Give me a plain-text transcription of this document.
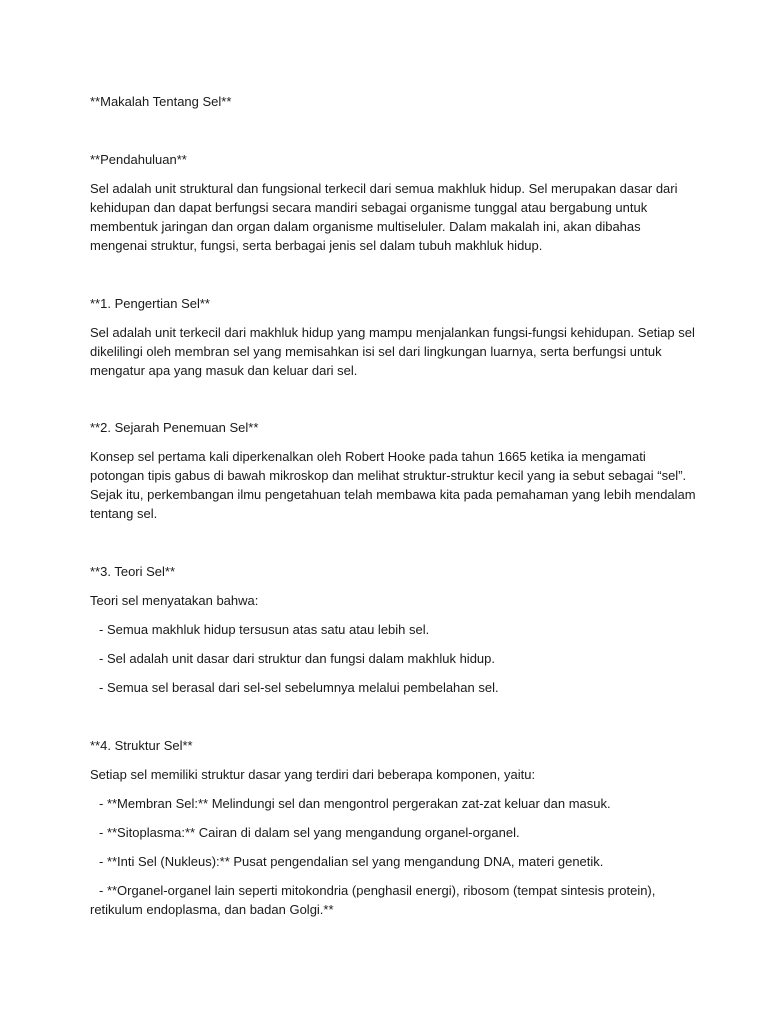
**Makalah Tentang Sel**

**Pendahuluan**

Sel adalah unit struktural dan fungsional terkecil dari semua makhluk hidup. Sel merupakan dasar dari kehidupan dan dapat berfungsi secara mandiri sebagai organisme tunggal atau bergabung untuk membentuk jaringan dan organ dalam organisme multiseluler. Dalam makalah ini, akan dibahas mengenai struktur, fungsi, serta berbagai jenis sel dalam tubuh makhluk hidup.

**1. Pengertian Sel**

Sel adalah unit terkecil dari makhluk hidup yang mampu menjalankan fungsi-fungsi kehidupan. Setiap sel dikelilingi oleh membran sel yang memisahkan isi sel dari lingkungan luarnya, serta berfungsi untuk mengatur apa yang masuk dan keluar dari sel.

**2. Sejarah Penemuan Sel**

Konsep sel pertama kali diperkenalkan oleh Robert Hooke pada tahun 1665 ketika ia mengamati potongan tipis gabus di bawah mikroskop dan melihat struktur-struktur kecil yang ia sebut sebagai “sel”. Sejak itu, perkembangan ilmu pengetahuan telah membawa kita pada pemahaman yang lebih mendalam tentang sel.

**3. Teori Sel**

Teori sel menyatakan bahwa:

- Semua makhluk hidup tersusun atas satu atau lebih sel.

- Sel adalah unit dasar dari struktur dan fungsi dalam makhluk hidup.

- Semua sel berasal dari sel-sel sebelumnya melalui pembelahan sel.

**4. Struktur Sel**

Setiap sel memiliki struktur dasar yang terdiri dari beberapa komponen, yaitu:

- **Membran Sel:** Melindungi sel dan mengontrol pergerakan zat-zat keluar dan masuk.

- **Sitoplasma:** Cairan di dalam sel yang mengandung organel-organel.

- **Inti Sel (Nukleus):** Pusat pengendalian sel yang mengandung DNA, materi genetik.

- **Organel-organel lain seperti mitokondria (penghasil energi), ribosom (tempat sintesis protein), retikulum endoplasma, dan badan Golgi.**
